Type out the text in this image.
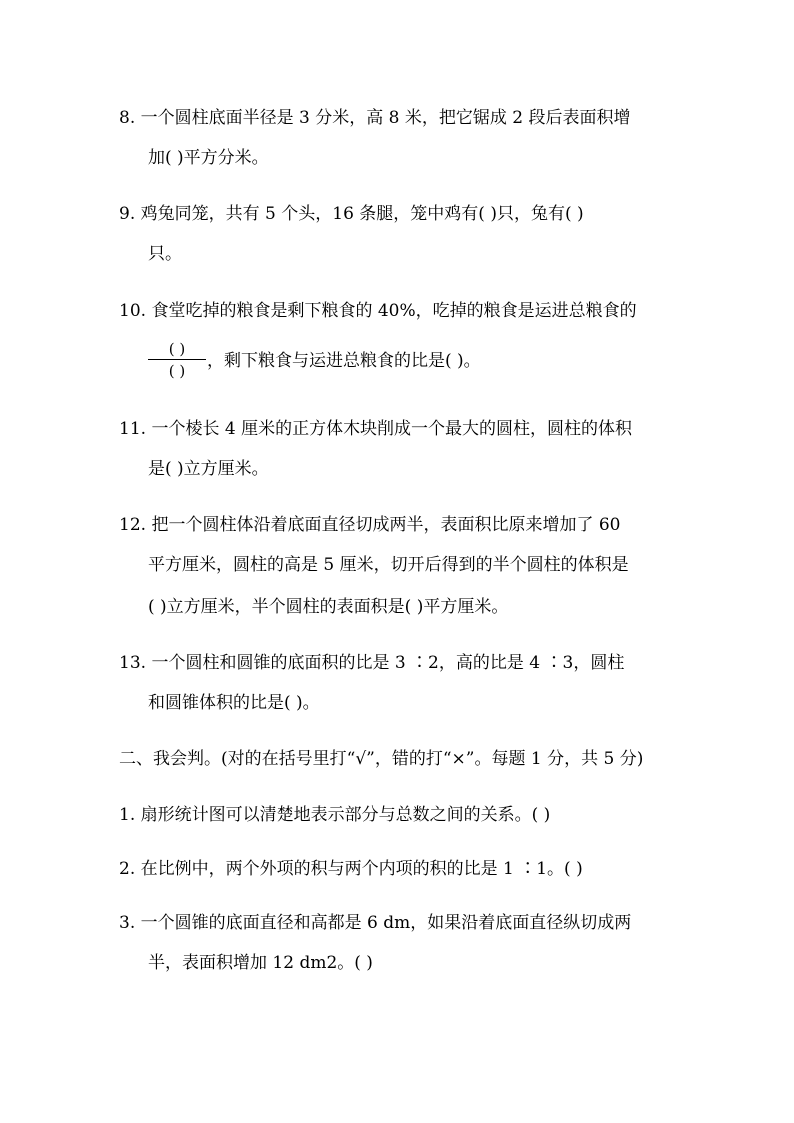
8. 一个圆柱底面半径是 3 分米，高 8 米，把它锯成 2 段后表面积增
加( )平方分米。
9. 鸡兔同笼，共有 5 个头，16 条腿，笼中鸡有( )只，兔有( )
只。
10. 食堂吃掉的粮食是剩下粮食的 40%，吃掉的粮食是运进总粮食的
( )
( )	，剩下粮食与运进总粮食的比是( )。
11. 一个棱长 4 厘米的正方体木块削成一个最大的圆柱，圆柱的体积
是( )立方厘米。
12. 把一个圆柱体沿着底面直径切成两半，表面积比原来增加了 60
平方厘米，圆柱的高是 5 厘米，切开后得到的半个圆柱的体积是
( )立方厘米，半个圆柱的表面积是( )平方厘米。
13. 一个圆柱和圆锥的底面积的比是 3 ∶2，高的比是 4 ∶3，圆柱
和圆锥体积的比是( )。
二、我会判。(对的在括号里打“√”，错的打“×”。每题 1 分，共 5 分)
1. 扇形统计图可以清楚地表示部分与总数之间的关系。( )
2. 在比例中，两个外项的积与两个内项的积的比是 1 ∶1。( )
3. 一个圆锥的底面直径和高都是 6 dm，如果沿着底面直径纵切成两
半，表面积增加 12 dm2。( )
